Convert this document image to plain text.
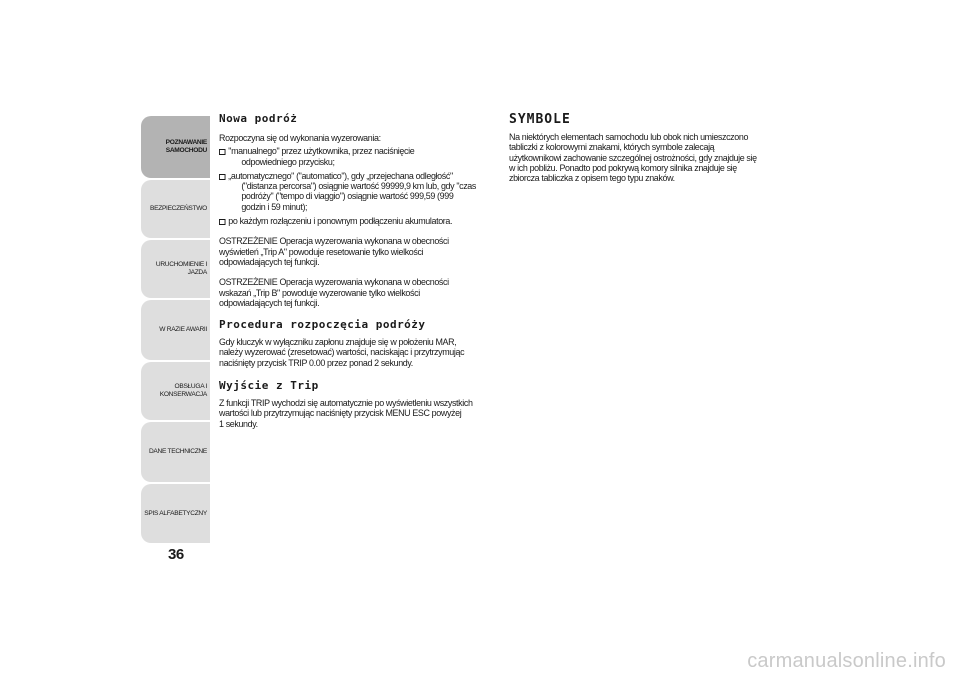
POZNAWANIE
SAMOCHODU
BEZPIECZEŃSTWO
URUCHOMIENIE I
JAZDA
W RAZIE AWARII
OBSŁUGA I
KONSERWACJA
DANE TECHNICZNE
SPIS ALFABETYCZNY
36
Nowa podróż

Rozpoczyna się od wykonania wyzerowania:

"manualnego" przez użytkownika, przez naciśnięcie
odpowiedniego przycisku;
„automatycznego" ("automatico"), gdy „przejechana odległość"
("distanza percorsa") osiągnie wartość 99999,9 km lub, gdy "czas
podróży" ("tempo di viaggio") osiągnie wartość 999,59 (999
godzin i 59 minut);
po każdym rozłączeniu i ponownym podłączeniu akumulatora.

OSTRZEŻENIE Operacja wyzerowania wykonana w obecności
wyświetleń „Trip A" powoduje resetowanie tylko wielkości
odpowiadających tej funkcji.

OSTRZEŻENIE Operacja wyzerowania wykonana w obecności
wskazań „Trip B" powoduje wyzerowanie tylko wielkości
odpowiadających tej funkcji.

Procedura rozpoczęcia podróży

Gdy kluczyk w wyłączniku zapłonu znajduje się w położeniu MAR,
należy wyzerować (zresetować) wartości, naciskając i przytrzymując
naciśnięty przycisk TRIP 0.00 przez ponad 2 sekundy.

Wyjście z Trip

Z funkcji TRIP wychodzi się automatycznie po wyświetleniu wszystkich
wartości lub przytrzymując naciśnięty przycisk MENU ESC powyżej
1 sekundy.

SYMBOLE

Na niektórych elementach samochodu lub obok nich umieszczono
tabliczki z kolorowymi znakami, których symbole zalecają
użytkownikowi zachowanie szczególnej ostrożności, gdy znajduje się
w ich pobliżu. Ponadto pod pokrywą komory silnika znajduje się
zbiorcza tabliczka z opisem tego typu znaków.

carmanualsonline.info
